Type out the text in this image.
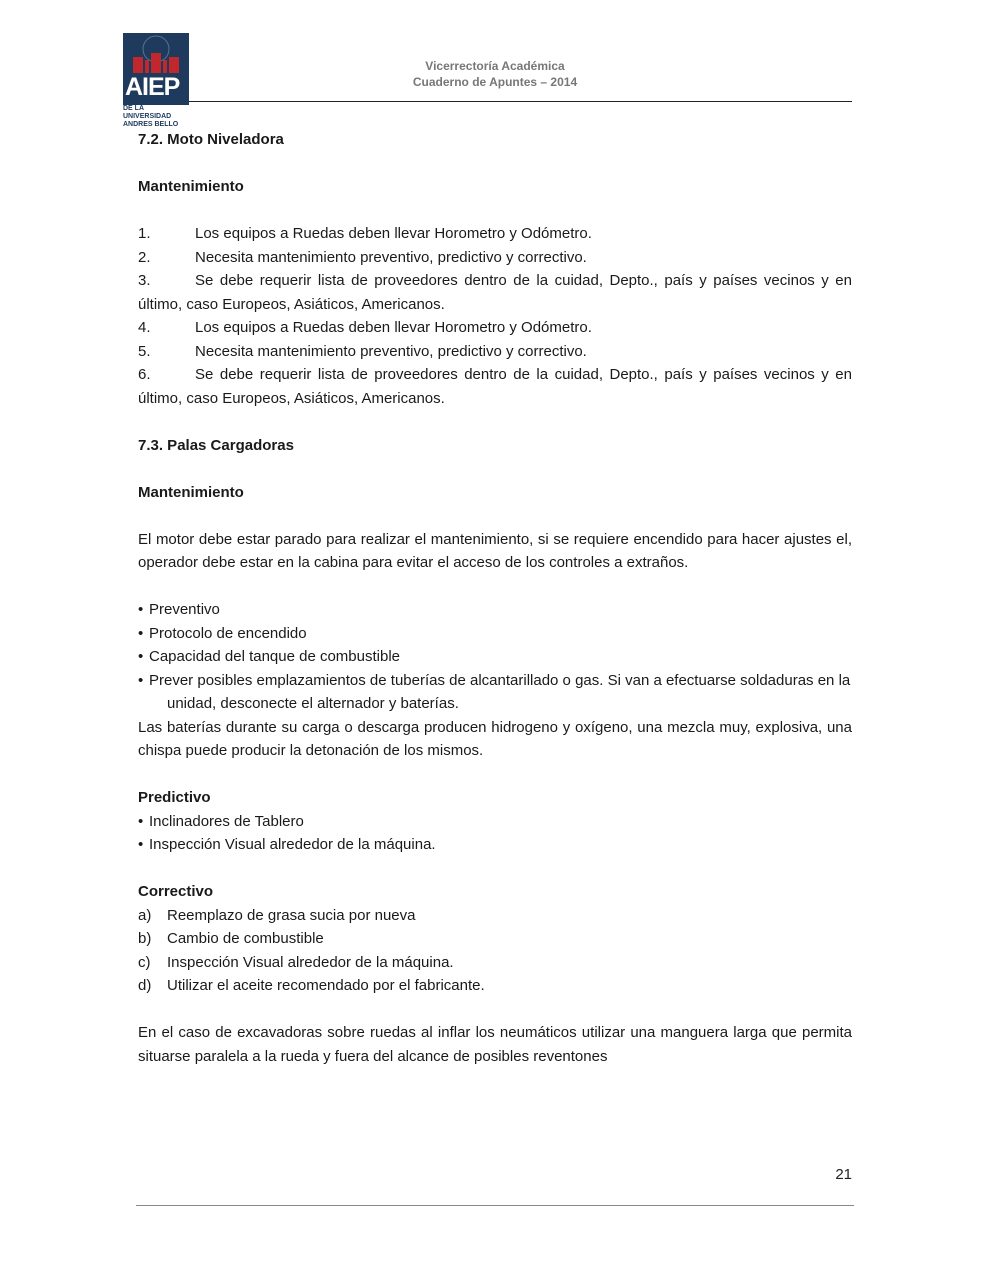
AIEP
DE LA UNIVERSIDAD
ANDRES BELLO
Vicerrectoría Académica
Cuaderno de Apuntes – 2014
7.2. Moto Niveladora
Mantenimiento
1.	Los equipos a Ruedas deben llevar Horometro y Odómetro.
2.	Necesita mantenimiento preventivo, predictivo y correctivo.
3.	Se debe requerir lista de proveedores dentro de la cuidad, Depto., país y países vecinos y en último, caso Europeos, Asiáticos, Americanos.
4.	Los equipos a Ruedas deben llevar Horometro y Odómetro.
5.	Necesita mantenimiento preventivo, predictivo y correctivo.
6.	Se debe requerir lista de proveedores dentro de la cuidad, Depto., país y países vecinos y en último, caso Europeos, Asiáticos, Americanos.
7.3. Palas Cargadoras
Mantenimiento
El motor debe estar parado para realizar el mantenimiento, si se requiere encendido para hacer ajustes el, operador debe estar en la cabina para evitar el acceso de los controles a extraños.
• Preventivo
• Protocolo de encendido
• Capacidad del tanque de combustible
• Prever posibles emplazamientos de tuberías de alcantarillado o gas. Si van a efectuarse soldaduras en la
unidad, desconecte el alternador y baterías.
Las baterías durante su carga o descarga producen hidrogeno y oxígeno, una mezcla muy, explosiva, una chispa puede producir la detonación de los mismos.
Predictivo
• Inclinadores de Tablero
• Inspección Visual alrededor de la máquina.
Correctivo
a) Reemplazo de grasa sucia por nueva
b) Cambio de combustible
c) Inspección Visual alrededor de la máquina.
d) Utilizar el aceite recomendado por el fabricante.
En el caso de excavadoras sobre ruedas al inflar los neumáticos utilizar una manguera larga que permita situarse paralela a la rueda y fuera del alcance de posibles reventones
21
